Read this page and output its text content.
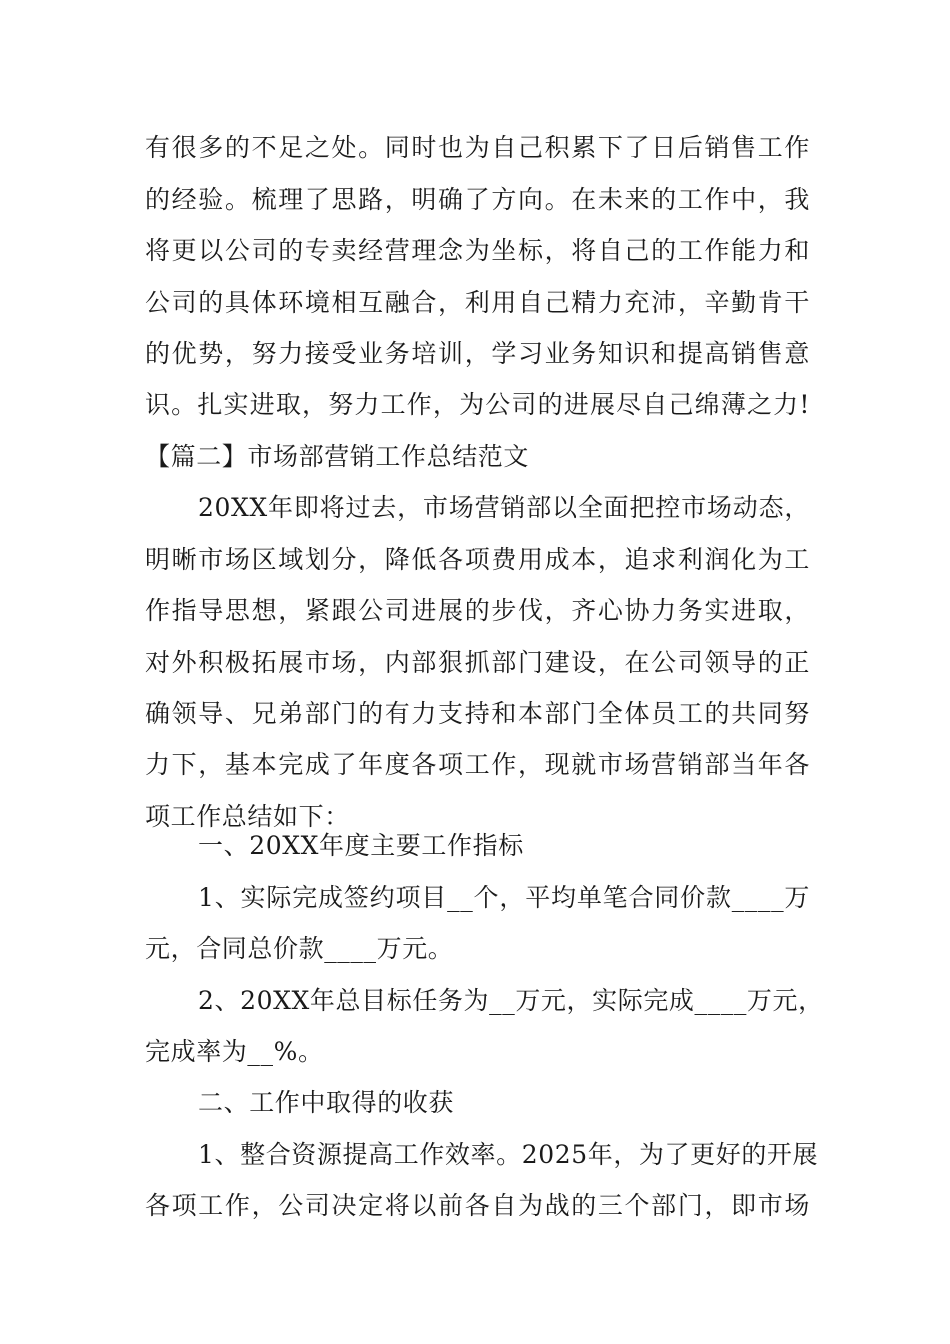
有很多的不足之处。同时也为自己积累下了日后销售工作
的经验。梳理了思路，明确了方向。在未来的工作中，我
将更以公司的专卖经营理念为坐标，将自己的工作能力和
公司的具体环境相互融合，利用自己精力充沛，辛勤肯干
的优势，努力接受业务培训，学习业务知识和提高销售意
识。扎实进取，努力工作，为公司的进展尽自己绵薄之力!
【篇二】市场部营销工作总结范文
20XX年即将过去，市场营销部以全面把控市场动态，
明晰市场区域划分，降低各项费用成本，追求利润化为工
作指导思想，紧跟公司进展的步伐，齐心协力务实进取，
对外积极拓展市场，内部狠抓部门建设，在公司领导的正
确领导、兄弟部门的有力支持和本部门全体员工的共同努
力下，基本完成了年度各项工作，现就市场营销部当年各
项工作总结如下：
一、20XX年度主要工作指标
1、实际完成签约项目__个，平均单笔合同价款____万
元，合同总价款____万元。
2、20XX年总目标任务为__万元，实际完成____万元，
完成率为__%。
二、工作中取得的收获
1、整合资源提高工作效率。2025年，为了更好的开展
各项工作，公司决定将以前各自为战的三个部门，即市场
